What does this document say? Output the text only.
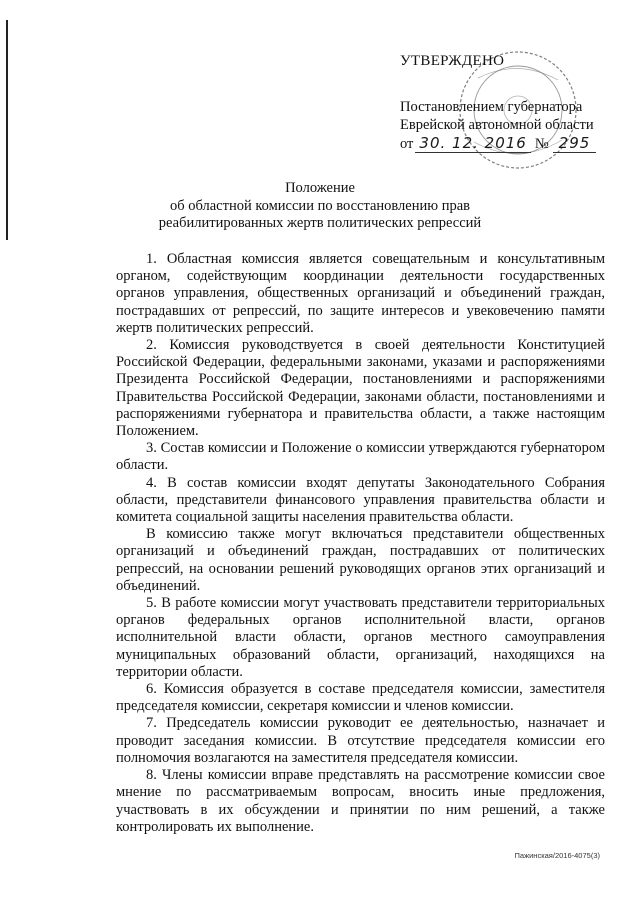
УТВЕРЖДЕНО
Постановлением губернатора
Еврейской автономной области
от 30. 12. 2016 № 295
Положение
об областной комиссии по восстановлению прав
реабилитированных жертв политических репрессий

1. Областная комиссия является совещательным и консультативным органом, содействующим координации деятельности государственных органов управления, общественных организаций и объединений граждан, пострадавших от репрессий, по защите интересов и увековечению памяти жертв политических репрессий.

2. Комиссия руководствуется в своей деятельности Конституцией Российской Федерации, федеральными законами, указами и распоряжениями Президента Российской Федерации, постановлениями и распоряжениями Правительства Российской Федерации, законами области, постановлениями и распоряжениями губернатора и правительства области, а также настоящим Положением.

3. Состав комиссии и Положение о комиссии утверждаются губернатором области.

4. В состав комиссии входят депутаты Законодательного Собрания области, представители финансового управления правительства области и комитета социальной защиты населения правительства области.

В комиссию также могут включаться представители общественных организаций и объединений граждан, пострадавших от политических репрессий, на основании решений руководящих органов этих организаций и объединений.

5. В работе комиссии могут участвовать представители территориальных органов федеральных органов исполнительной власти, органов исполнительной власти области, органов местного самоуправления муниципальных образований области, организаций, находящихся на территории области.

6. Комиссия образуется в составе председателя комиссии, заместителя председателя комиссии, секретаря комиссии и членов комиссии.

7. Председатель комиссии руководит ее деятельностью, назначает и проводит заседания комиссии. В отсутствие председателя комиссии его полномочия возлагаются на заместителя председателя комиссии.

8. Члены комиссии вправе представлять на рассмотрение комиссии свое мнение по рассматриваемым вопросам, вносить иные предложения, участвовать в их обсуждении и принятии по ним решений, а также контролировать их выполнение.

Пажинская/2016-4075(3)
